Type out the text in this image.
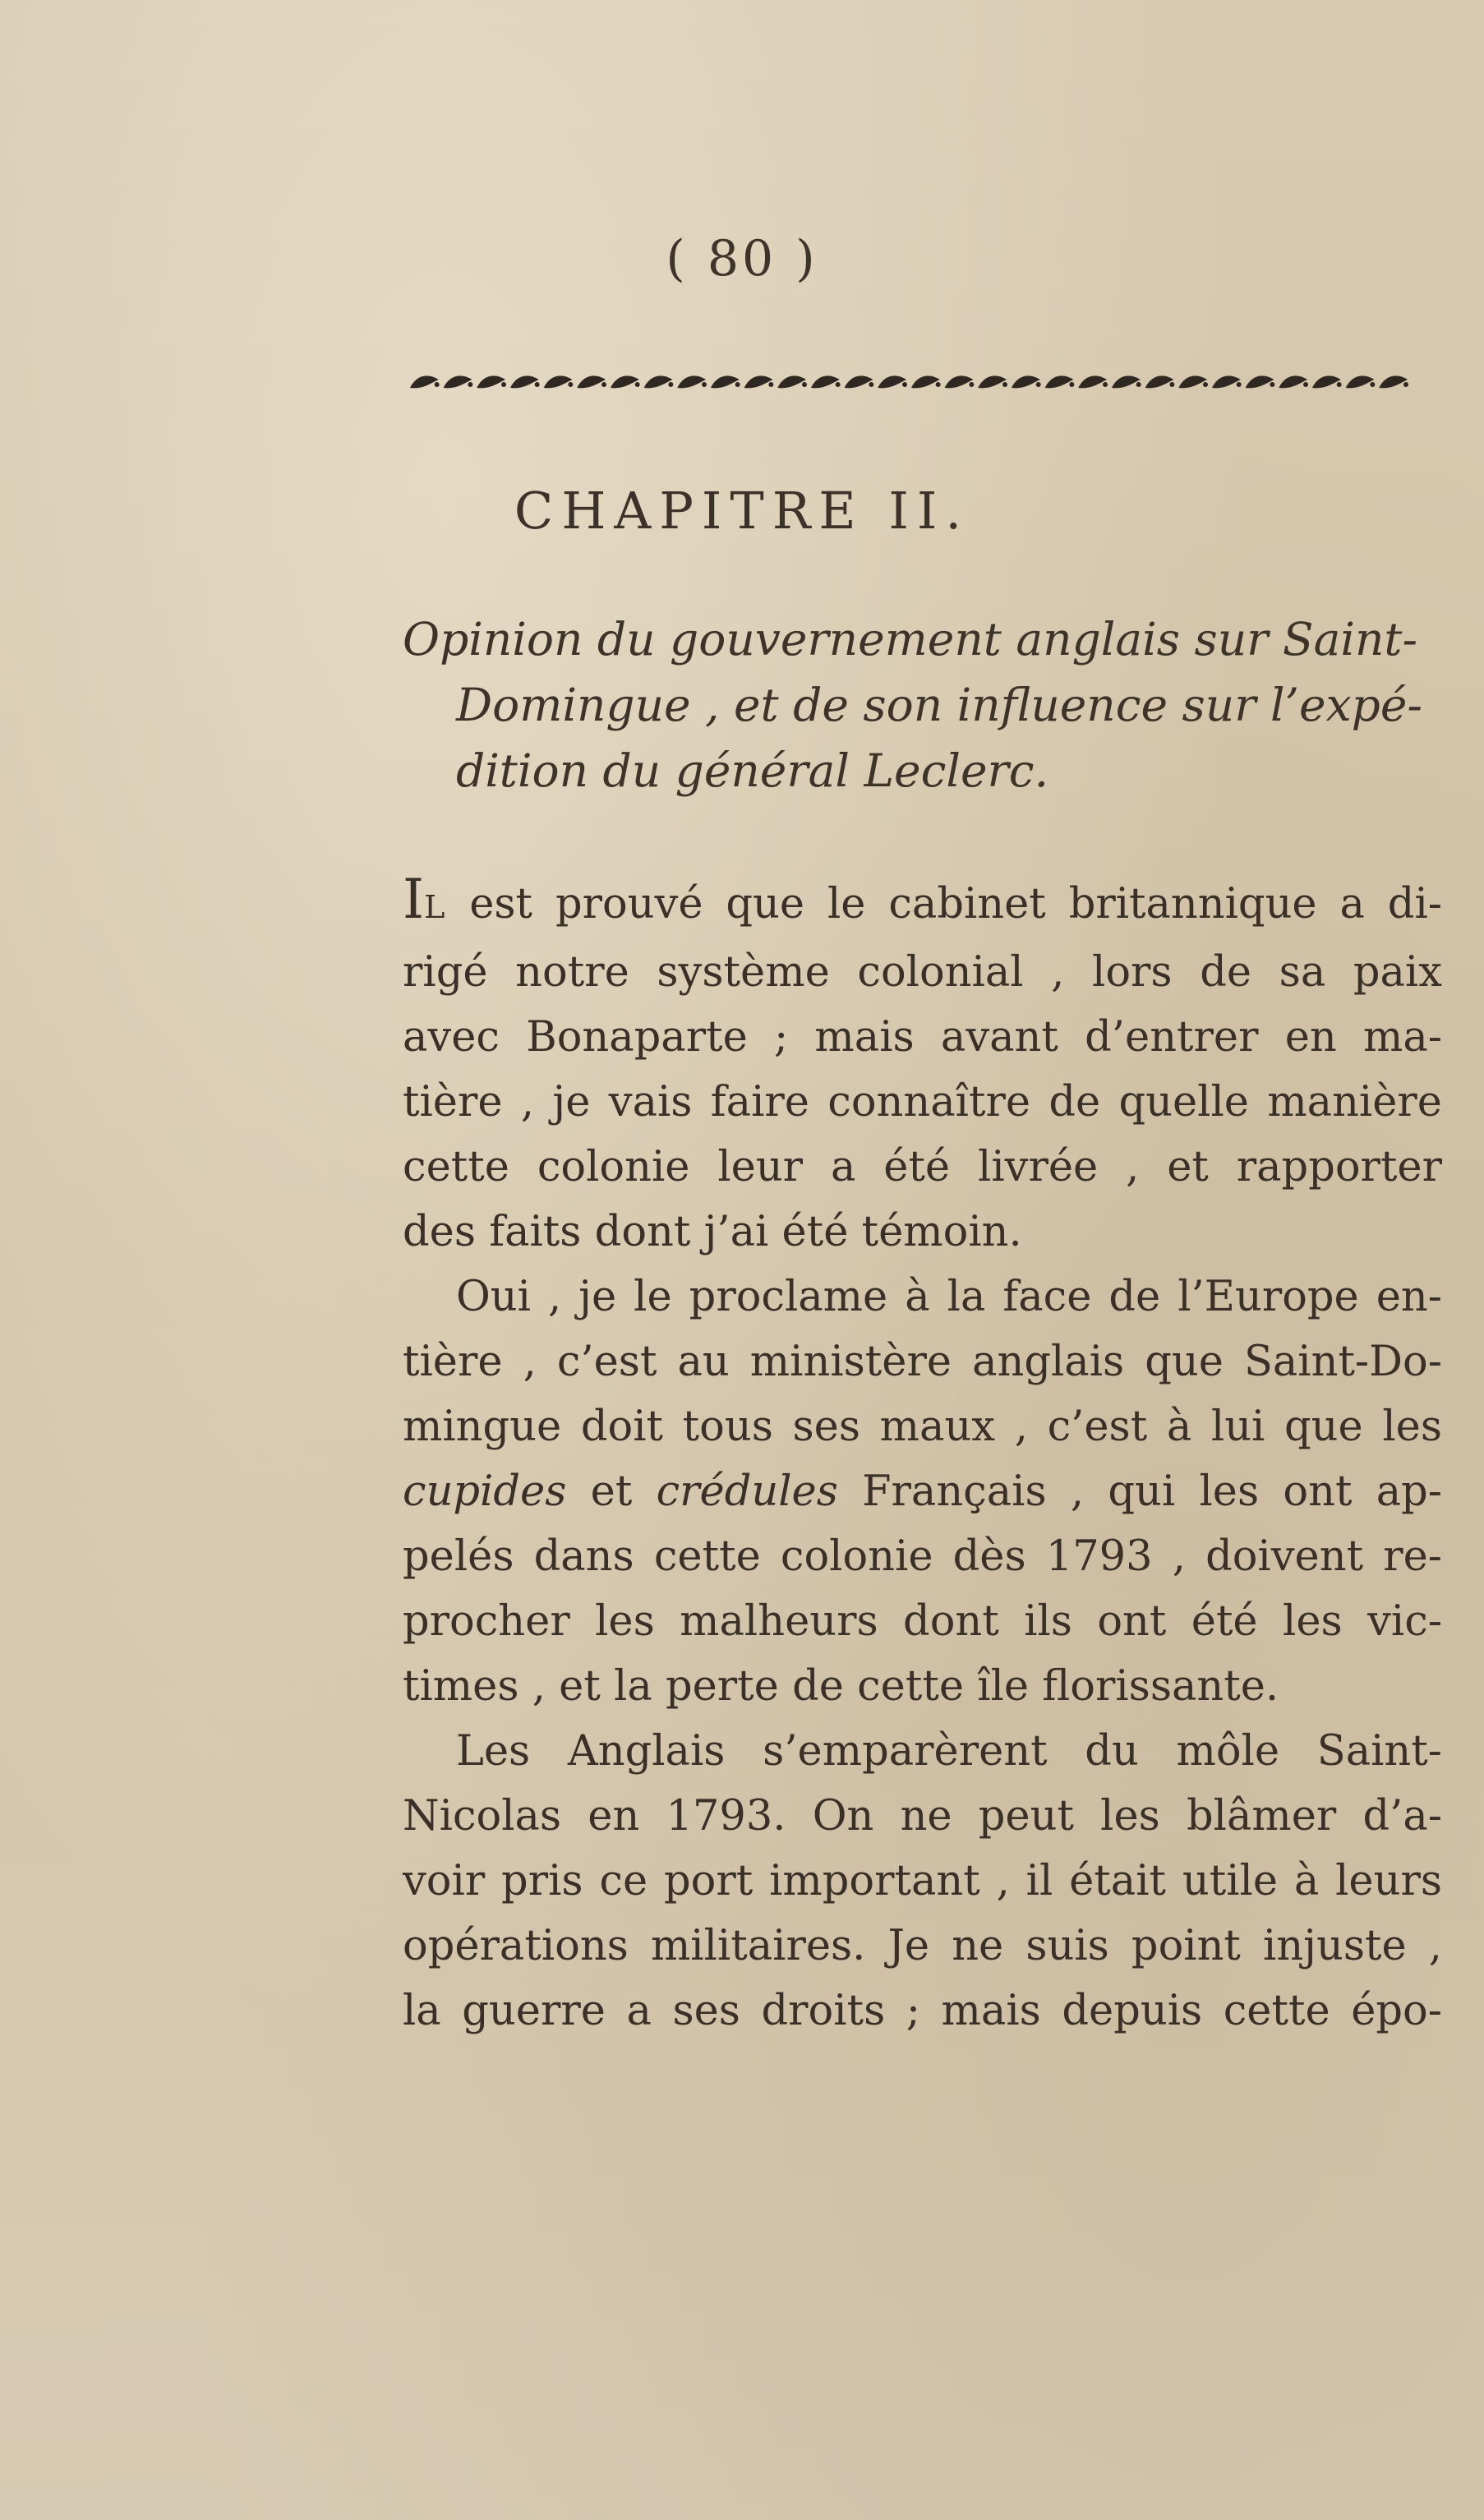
( 80 )
CHAPITRE II.
Opinion du gouvernement anglais sur Saint-
Domingue , et de son influence sur l’expé-
dition du général Leclerc.
IL est prouvé que le cabinet britannique a di-
rigé notre système colonial , lors de sa paix
avec Bonaparte ; mais avant d’entrer en ma-
tière , je vais faire connaître de quelle manière
cette colonie leur a été livrée , et rapporter
des faits dont j’ai été témoin.
Oui , je le proclame à la face de l’Europe en-
tière , c’est au ministère anglais que Saint-Do-
mingue doit tous ses maux , c’est à lui que les
cupides et crédules Français , qui les ont ap-
pelés dans cette colonie dès 1793 , doivent re-
procher les malheurs dont ils ont été les vic-
times , et la perte de cette île florissante.
Les Anglais s’emparèrent du môle Saint-
Nicolas en 1793. On ne peut les blâmer d’a-
voir pris ce port important , il était utile à leurs
opérations militaires. Je ne suis point injuste ,
la guerre a ses droits ; mais depuis cette épo-
